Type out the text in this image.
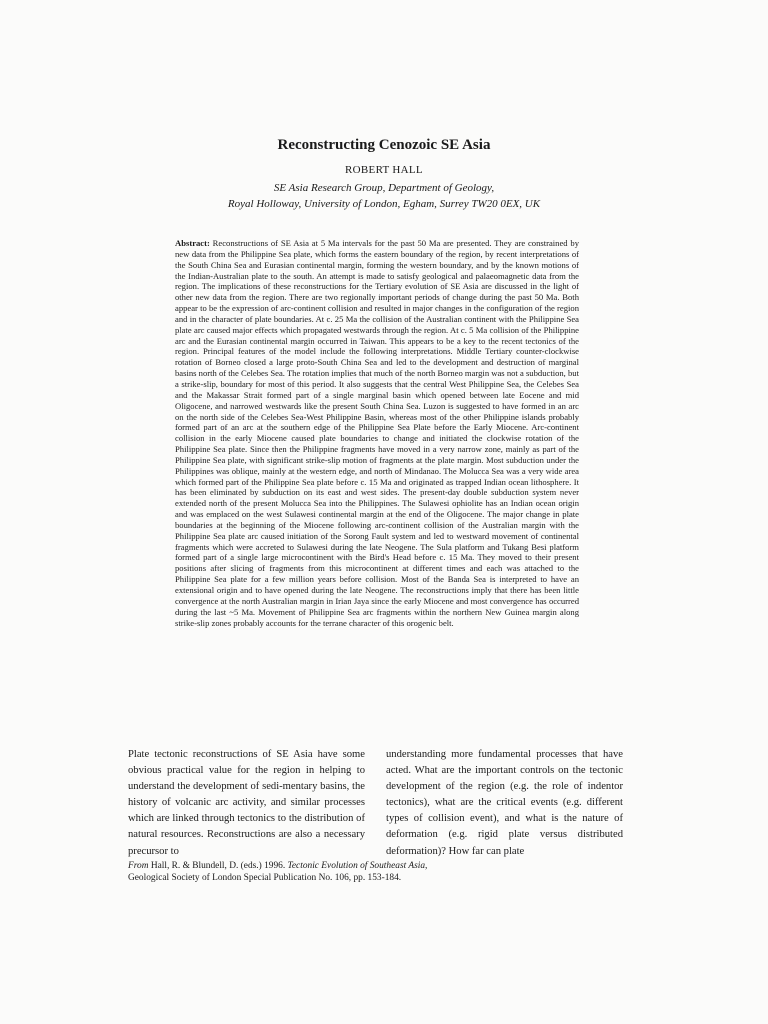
Reconstructing Cenozoic SE Asia
ROBERT HALL
SE Asia Research Group, Department of Geology,
Royal Holloway, University of London, Egham, Surrey TW20 0EX, UK
Abstract: Reconstructions of SE Asia at 5 Ma intervals for the past 50 Ma are presented. They are constrained by new data from the Philippine Sea plate, which forms the eastern boundary of the region, by recent interpretations of the South China Sea and Eurasian continental margin, forming the western boundary, and by the known motions of the Indian-Australian plate to the south. An attempt is made to satisfy geological and palaeomagnetic data from the region. The implications of these reconstructions for the Tertiary evolution of SE Asia are discussed in the light of other new data from the region. There are two regionally important periods of change during the past 50 Ma. Both appear to be the expression of arc-continent collision and resulted in major changes in the configuration of the region and in the character of plate boundaries. At c. 25 Ma the collision of the Australian continent with the Philippine Sea plate arc caused major effects which propagated westwards through the region. At c. 5 Ma collision of the Philippine arc and the Eurasian continental margin occurred in Taiwan. This appears to be a key to the recent tectonics of the region. Principal features of the model include the following interpretations. Middle Tertiary counter-clockwise rotation of Borneo closed a large proto-South China Sea and led to the development and destruction of marginal basins north of the Celebes Sea. The rotation implies that much of the north Borneo margin was not a subduction, but a strike-slip, boundary for most of this period. It also suggests that the central West Philippine Sea, the Celebes Sea and the Makassar Strait formed part of a single marginal basin which opened between late Eocene and mid Oligocene, and narrowed westwards like the present South China Sea. Luzon is suggested to have formed in an arc on the north side of the Celebes Sea-West Philippine Basin, whereas most of the other Philippine islands probably formed part of an arc at the southern edge of the Philippine Sea Plate before the Early Miocene. Arc-continent collision in the early Miocene caused plate boundaries to change and initiated the clockwise rotation of the Philippine Sea plate. Since then the Philippine fragments have moved in a very narrow zone, mainly as part of the Philippine Sea plate, with significant strike-slip motion of fragments at the plate margin. Most subduction under the Philippines was oblique, mainly at the western edge, and north of Mindanao. The Molucca Sea was a very wide area which formed part of the Philippine Sea plate before c. 15 Ma and originated as trapped Indian ocean lithosphere. It has been eliminated by subduction on its east and west sides. The present-day double subduction system never extended north of the present Molucca Sea into the Philippines. The Sulawesi ophiolite has an Indian ocean origin and was emplaced on the west Sulawesi continental margin at the end of the Oligocene. The major change in plate boundaries at the beginning of the Miocene following arc-continent collision of the Australian margin with the Philippine Sea plate arc caused initiation of the Sorong Fault system and led to westward movement of continental fragments which were accreted to Sulawesi during the late Neogene. The Sula platform and Tukang Besi platform formed part of a single large microcontinent with the Bird's Head before c. 15 Ma. They moved to their present positions after slicing of fragments from this microcontinent at different times and each was attached to the Philippine Sea plate for a few million years before collision. Most of the Banda Sea is interpreted to have an extensional origin and to have opened during the late Neogene. The reconstructions imply that there has been little convergence at the north Australian margin in Irian Jaya since the early Miocene and most convergence has occurred during the last ~5 Ma. Movement of Philippine Sea arc fragments within the northern New Guinea margin along strike-slip zones probably accounts for the terrane character of this orogenic belt.
Plate tectonic reconstructions of SE Asia have some obvious practical value for the region in helping to understand the development of sedi-mentary basins, the history of volcanic arc activity, and similar processes which are linked through tectonics to the distribution of natural resources. Reconstructions are also a necessary precursor to
understanding more fundamental processes that have acted. What are the important controls on the tectonic development of the region (e.g. the role of indentor tectonics), what are the critical events (e.g. different types of collision event), and what is the nature of deformation (e.g. rigid plate versus distributed deformation)? How far can plate
From Hall, R. & Blundell, D. (eds.) 1996. Tectonic Evolution of Southeast Asia,
Geological Society of London Special Publication No. 106, pp. 153-184.
